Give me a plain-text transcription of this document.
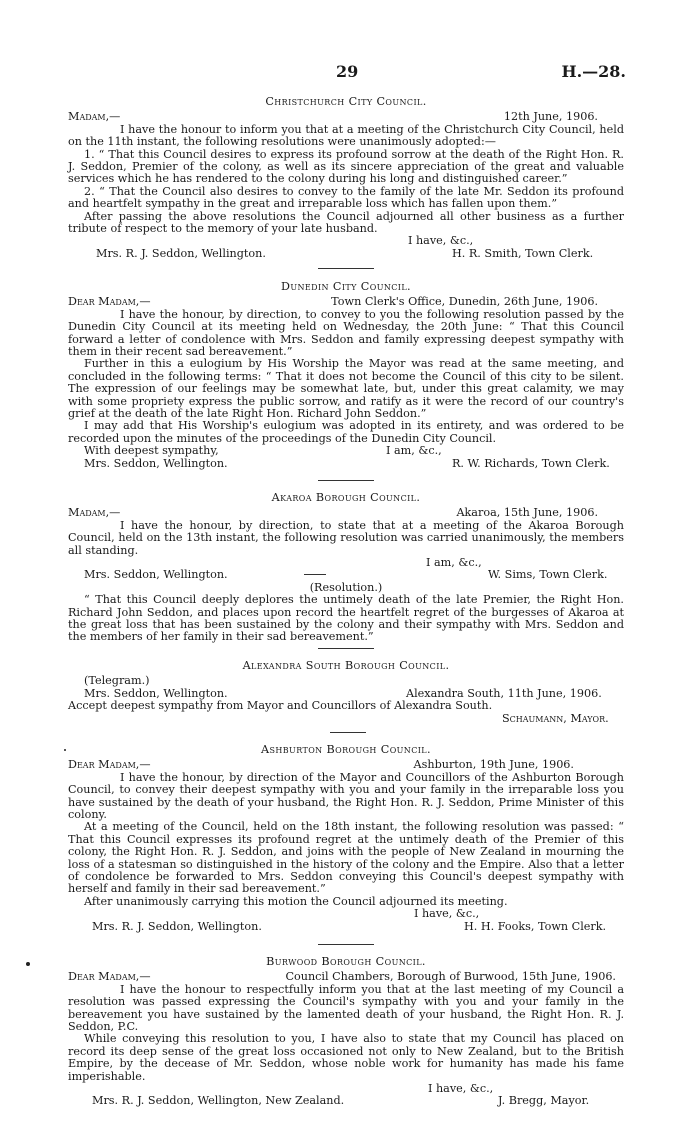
29	H.—28.
Christchurch City Council.
Madam,—	12th June, 1906.

I have the honour to inform you that at a meeting of the Christchurch City Council, held on the 11th instant, the following resolutions were unanimously adopted:—

1. “ That this Council desires to express its profound sorrow at the death of the Right Hon. R. J. Seddon, Premier of the colony, as well as its sincere appreciation of the great and valuable services which he has rendered to the colony during his long and distinguished career.”

2. “ That the Council also desires to convey to the family of the late Mr. Seddon its profound and heartfelt sympathy in the great and irreparable loss which has fallen upon them.”

After passing the above resolutions the Council adjourned all other business as a further tribute of respect to the memory of your late husband.

I have, &c.,
Mrs. R. J. Seddon, Wellington.	H. R. Smith, Town Clerk.
Dunedin City Council.
Dear Madam,—	Town Clerk's Office, Dunedin, 26th June, 1906.

I have the honour, by direction, to convey to you the following resolution passed by the Dunedin City Council at its meeting held on Wednesday, the 20th June: “ That this Council forward a letter of condolence with Mrs. Seddon and family expressing deepest sympathy with them in their recent sad bereavement.”

Further in this a eulogium by His Worship the Mayor was read at the same meeting, and concluded in the following terms: “ That it does not become the Council of this city to be silent. The expression of our feelings may be somewhat late, but, under this great calamity, we may with some propriety express the public sorrow, and ratify as it were the record of our country's grief at the death of the late Right Hon. Richard John Seddon.”

I may add that His Worship's eulogium was adopted in its entirety, and was ordered to be recorded upon the minutes of the proceedings of the Dunedin City Council.

With deepest sympathy,	I am, &c.,
Mrs. Seddon, Wellington.	R. W. Richards, Town Clerk.
Akaroa Borough Council.
Madam,—	Akaroa, 15th June, 1906.

I have the honour, by direction, to state that at a meeting of the Akaroa Borough Council, held on the 13th instant, the following resolution was carried unanimously, the members all standing.

I am, &c.,
Mrs. Seddon, Wellington.	W. Sims, Town Clerk.
(Resolution.)

“ That this Council deeply deplores the untimely death of the late Premier, the Right Hon. Richard John Seddon, and places upon record the heartfelt regret of the burgesses of Akaroa at the great loss that has been sustained by the colony and their sympathy with Mrs. Seddon and the members of her family in their sad bereavement.”

Alexandra South Borough Council.
(Telegram.)
Mrs. Seddon, Wellington.	Alexandra South, 11th June, 1906.
Accept deepest sympathy from Mayor and Councillors of Alexandra South.
Schaumann, Mayor.
Ashburton Borough Council.
Dear Madam,—	Ashburton, 19th June, 1906.

I have the honour, by direction of the Mayor and Councillors of the Ashburton Borough Council, to convey their deepest sympathy with you and your family in the irreparable loss you have sustained by the death of your husband, the Right Hon. R. J. Seddon, Prime Minister of this colony.

At a meeting of the Council, held on the 18th instant, the following resolution was passed: “ That this Council expresses its profound regret at the untimely death of the Premier of this colony, the Right Hon. R. J. Seddon, and joins with the people of New Zealand in mourning the loss of a statesman so distinguished in the history of the colony and the Empire. Also that a letter of condolence be forwarded to Mrs. Seddon conveying this Council's deepest sympathy with herself and family in their sad bereavement.”

After unanimously carrying this motion the Council adjourned its meeting.

I have, &c.,
Mrs. R. J. Seddon, Wellington.	H. H. Fooks, Town Clerk.
Burwood Borough Council.
Dear Madam,—	Council Chambers, Borough of Burwood, 15th June, 1906.

I have the honour to respectfully inform you that at the last meeting of my Council a resolution was passed expressing the Council's sympathy with you and your family in the bereavement you have sustained by the lamented death of your husband, the Right Hon. R. J. Seddon, P.C.

While conveying this resolution to you, I have also to state that my Council has placed on record its deep sense of the great loss occasioned not only to New Zealand, but to the British Empire, by the decease of Mr. Seddon, whose noble work for humanity has made his fame imperishable.

I have, &c.,
Mrs. R. J. Seddon, Wellington, New Zealand.	J. Bregg, Mayor.
